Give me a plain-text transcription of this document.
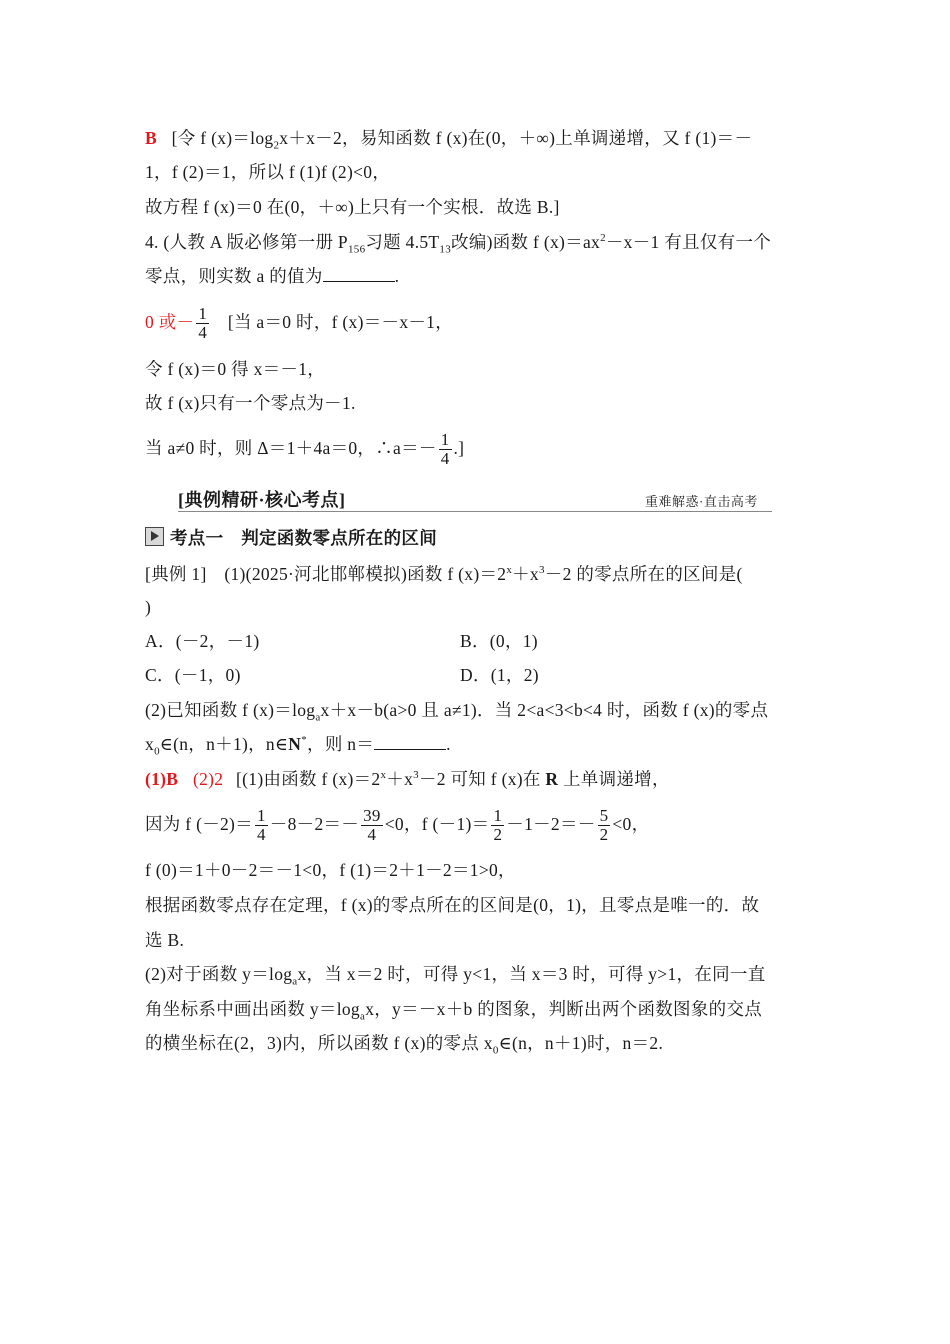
B [令 f $(x)=\log_2x+x-2$，易知函数 f (x)在(0，＋∞)上单调递增，又 f (1)＝－
1，f (2)＝1，所以 f (1)f (2)<0，
故方程 f (x)＝0 在(0，＋∞)上只有一个实根．故选 B.]
4. (人教 A 版必修第一册 $P_{156}$习题 $4.5T_{13}$改编)函数 f $(x)=ax^2-x-1$ 有且仅有一个
零点，则实数 a 的值为	.
0 或－ $\frac{1}{4}$ [当 a＝0 时，f (x)＝－x－1，
令 f (x)＝0 得 x＝－1，
故 f (x)只有一个零点为－1.
当 a≠0 时，则 Δ＝1＋4a＝0，∴a＝－ $\frac{1}{4}$ .]
[典例精研·核心考点]	重难解惑·直击高考
考点一　判定函数零点所在的区间
[典例 1]　(1)(2025·河北邯郸模拟)函数 f $(x)=2^x+x^3-2$ 的零点所在的区间是(
)
A．(－2，－1)	B．(0，1)
C．(－1，0)	D．(1，2)
(2)已知函数 f $(x)=\log_ax+x-b(a>0$ 且 a≠1)．当 2<a<3<b<4 时，函数 f (x)的零点
$x_0\in(n$，n＋1)，n∈N*，则 n＝	.
(1)B (2)2 [(1)由函数 f $(x)=2^x+x^3-2$ 可知 f (x)在 R 上单调递增，
因为 f $(-2)= \frac{1}{4} -8-2=- \frac{39}{4} <0$，f $(-1)= \frac{1}{2} -1-2=- \frac{5}{2} <0$，
f (0)＝1＋0－2＝－1<0，f (1)＝2＋1－2＝1>0，
根据函数零点存在定理，f (x)的零点所在的区间是(0，1)，且零点是唯一的．故
选 B.
(2)对于函数 $y=\log_ax$，当 x＝2 时，可得 y<1，当 x＝3 时，可得 y>1，在同一直
角坐标系中画出函数 $y=\log_ax$，y＝－x＋b 的图象，判断出两个函数图象的交点
的横坐标在(2，3)内，所以函数 f (x)的零点 $x_0\in(n$，n＋1)时，n＝2.
